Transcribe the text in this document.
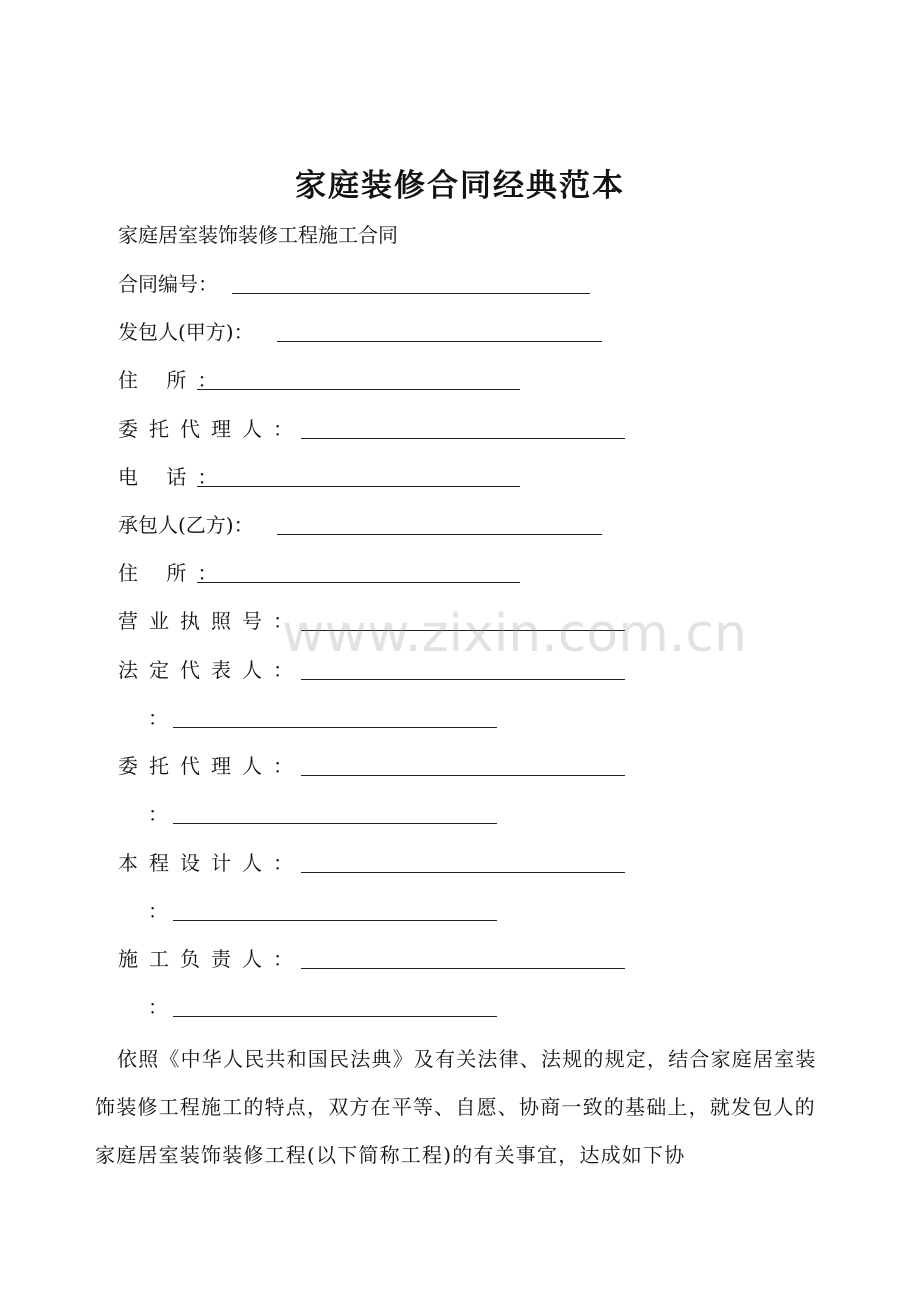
家庭装修合同经典范本
家庭居室装饰装修工程施工合同
合同编号：
发包人(甲方)：
住 所：
委托代理人：
电 话：
承包人(乙方)：
住 所：
营业执照号：
法定代表人：
：
委托代理人：
：
本程设计人：
：
施工负责人：
：

依照《中华人民共和国民法典》及有关法律、法规的规定，结合家庭居室装饰装修工程施工的特点，双方在平等、自愿、协商一致的基础上，就发包人的家庭居室装饰装修工程(以下简称工程)的有关事宜，达成如下协

www.zixin.com.cn
